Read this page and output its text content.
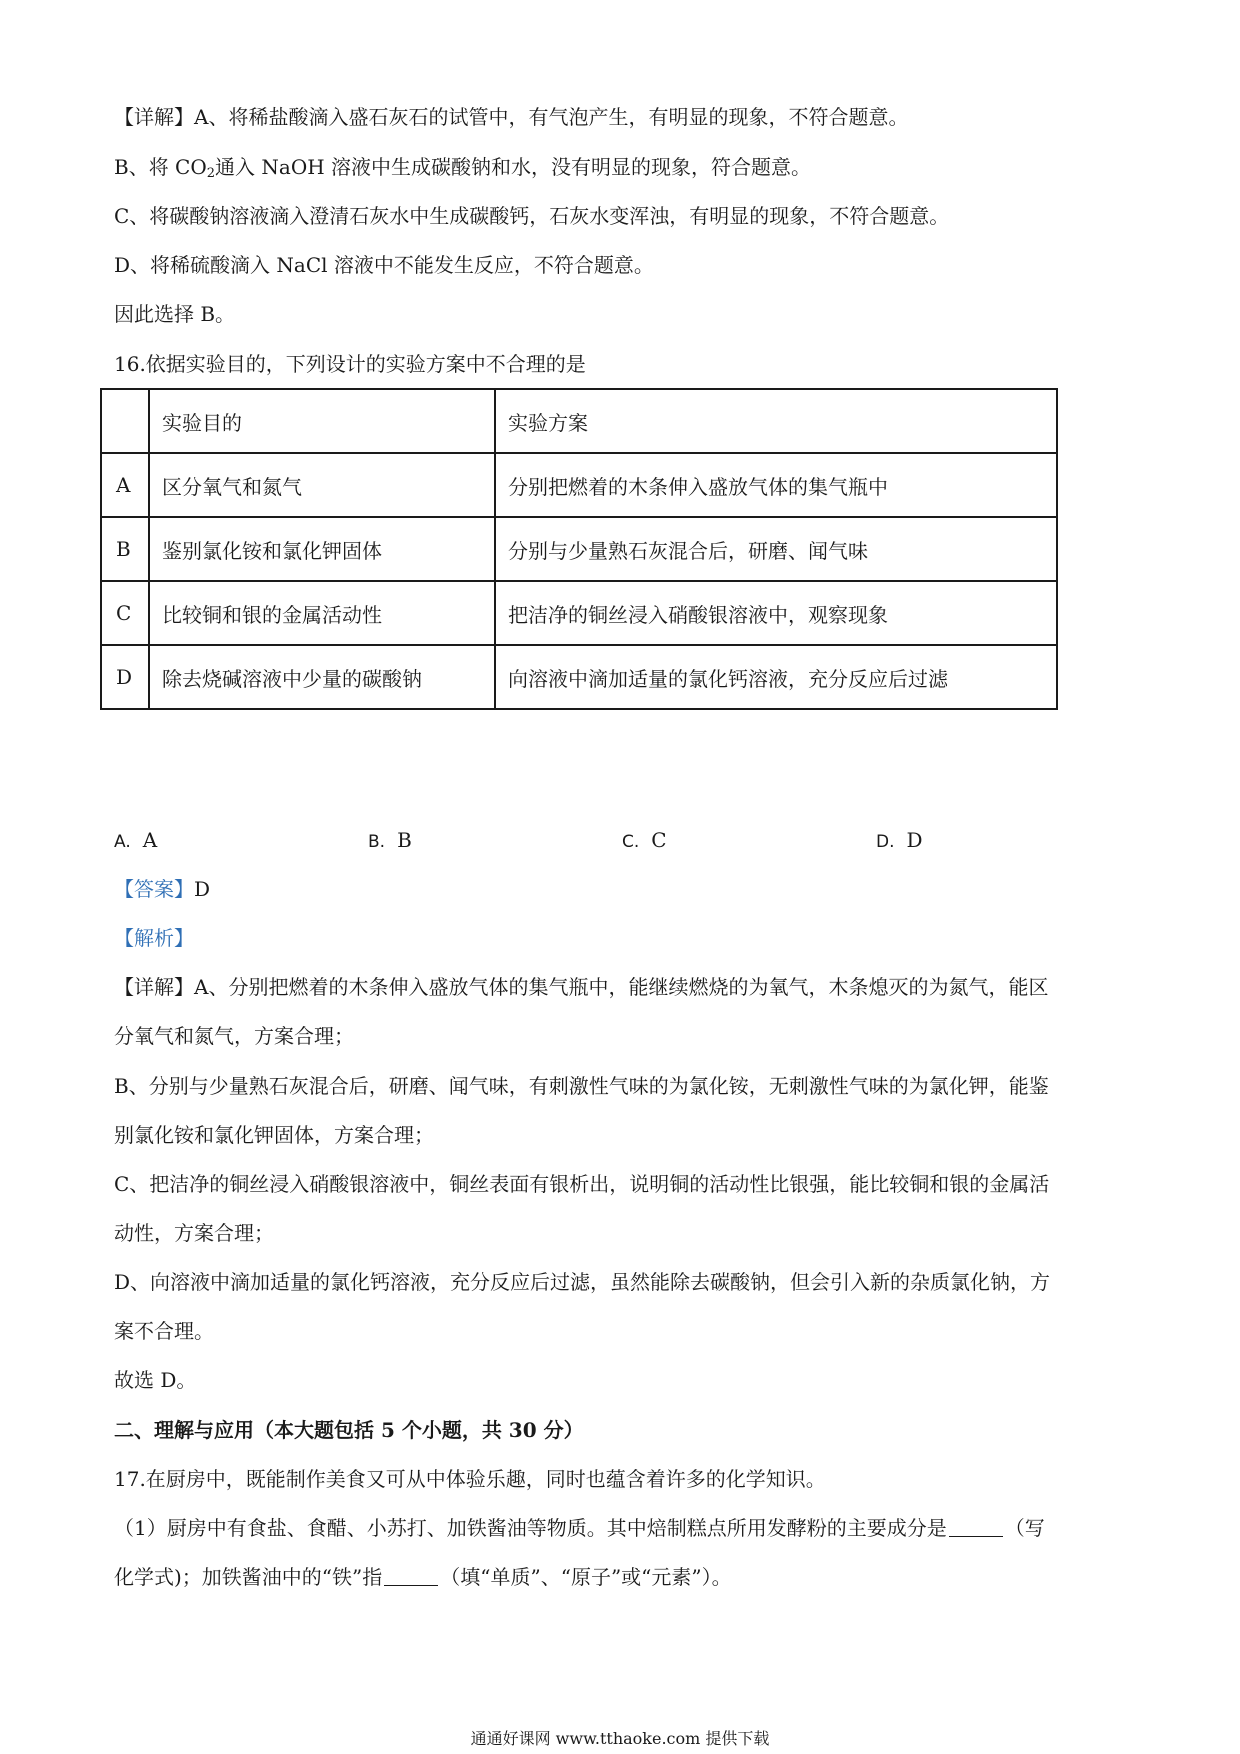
【详解】A、将稀盐酸滴入盛石灰石的试管中，有气泡产生，有明显的现象，不符合题意。
B、将 $CO_2$通入 NaOH 溶液中生成碳酸钠和水，没有明显的现象，符合题意。
C、将碳酸钠溶液滴入澄清石灰水中生成碳酸钙，石灰水变浑浊，有明显的现象，不符合题意。
D、将稀硫酸滴入 NaCl 溶液中不能发生反应，不符合题意。
因此选择 B。
16.依据实验目的，下列设计的实验方案中不合理的是
	实验目的	实验方案
A	区分氧气和氮气	分别把燃着的木条伸入盛放气体的集气瓶中
B	鉴别氯化铵和氯化钾固体	分别与少量熟石灰混合后，研磨、闻气味
C	比较铜和银的金属活动性	把洁净的铜丝浸入硝酸银溶液中，观察现象
D	除去烧碱溶液中少量的碳酸钠	向溶液中滴加适量的氯化钙溶液，充分反应后过滤
A. A	B. B	C. C	D. D
【答案】D
【解析】
【详解】A、分别把燃着的木条伸入盛放气体的集气瓶中，能继续燃烧的为氧气，木条熄灭的为氮气，能区
分氧气和氮气，方案合理；
B、分别与少量熟石灰混合后，研磨、闻气味，有刺激性气味的为氯化铵，无刺激性气味的为氯化钾，能鉴
别氯化铵和氯化钾固体，方案合理；
C、把洁净的铜丝浸入硝酸银溶液中，铜丝表面有银析出，说明铜的活动性比银强，能比较铜和银的金属活
动性，方案合理；
D、向溶液中滴加适量的氯化钙溶液，充分反应后过滤，虽然能除去碳酸钠，但会引入新的杂质氯化钠，方
案不合理。
故选 D。
二、理解与应用（本大题包括 5 个小题，共 30 分）
17.在厨房中，既能制作美食又可从中体验乐趣，同时也蕴含着许多的化学知识。
（1）厨房中有食盐、食醋、小苏打、加铁酱油等物质。其中焙制糕点所用发酵粉的主要成分是	（写
化学式)；加铁酱油中的“铁”指	（填“单质”、“原子”或“元素”）。
通通好课网 www.tthaoke.com 提供下载
